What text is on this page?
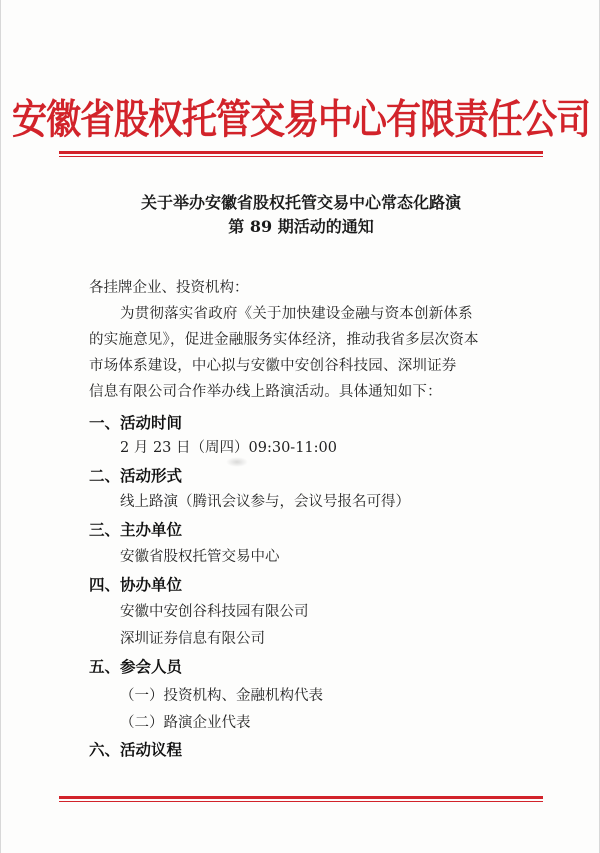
安徽省股权托管交易中心有限责任公司
关于举办安徽省股权托管交易中心常态化路演
第 89 期活动的通知
各挂牌企业、投资机构：
为贯彻落实省政府《关于加快建设金融与资本创新体系
的实施意见》，促进金融服务实体经济，推动我省多层次资本
市场体系建设，中心拟与安徽中安创谷科技园、深圳证券
信息有限公司合作举办线上路演活动。具体通知如下：
一、活动时间
2 月 23 日（周四）09:30-11:00
二、活动形式
线上路演（腾讯会议参与，会议号报名可得）
三、主办单位
安徽省股权托管交易中心
四、协办单位
安徽中安创谷科技园有限公司
深圳证券信息有限公司
五、参会人员
（一）投资机构、金融机构代表
（二）路演企业代表
六、活动议程
